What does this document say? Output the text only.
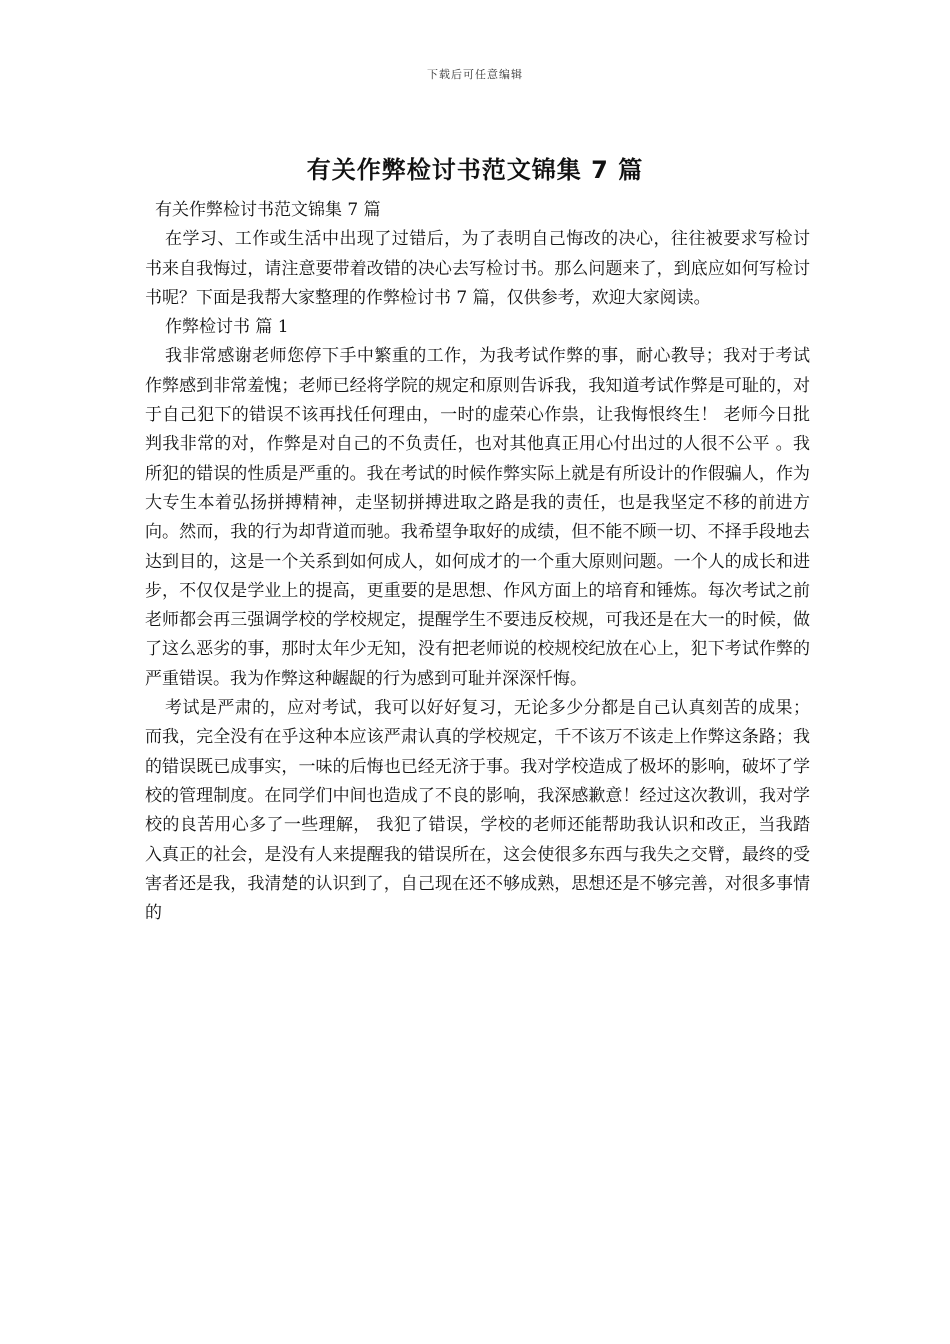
下载后可任意编辑
有关作弊检讨书范文锦集 7 篇

有关作弊检讨书范文锦集 7 篇

在学习、工作或生活中出现了过错后，为了表明自己悔改的决心，往往被要求写检讨书来自我悔过，请注意要带着改错的决心去写检讨书。那么问题来了，到底应如何写检讨书呢？下面是我帮大家整理的作弊检讨书 7 篇，仅供参考，欢迎大家阅读。

作弊检讨书 篇 1

我非常感谢老师您停下手中繁重的工作，为我考试作弊的事，耐心教导；我对于考试作弊感到非常羞愧；老师已经将学院的规定和原则告诉我，我知道考试作弊是可耻的，对于自己犯下的错误不该再找任何理由，一时的虚荣心作祟，让我悔恨终生！ 老师今日批判我非常的对，作弊是对自己的不负责任，也对其他真正用心付出过的人很不公平 。我所犯的错误的性质是严重的。我在考试的时候作弊实际上就是有所设计的作假骗人，作为大专生本着弘扬拼搏精神，走坚韧拼搏进取之路是我的责任，也是我坚定不移的前进方向。然而，我的行为却背道而驰。我希望争取好的成绩，但不能不顾一切、不择手段地去达到目的，这是一个关系到如何成人，如何成才的一个重大原则问题。一个人的成长和进步，不仅仅是学业上的提高，更重要的是思想、作风方面上的培育和锤炼。每次考试之前老师都会再三强调学校的学校规定，提醒学生不要违反校规，可我还是在大一的时候，做了这么恶劣的事，那时太年少无知，没有把老师说的校规校纪放在心上，犯下考试作弊的严重错误。我为作弊这种龌龊的行为感到可耻并深深忏悔。

考试是严肃的，应对考试，我可以好好复习，无论多少分都是自己认真刻苦的成果；而我，完全没有在乎这种本应该严肃认真的学校规定，千不该万不该走上作弊这条路；我的错误既已成事实，一味的后悔也已经无济于事。我对学校造成了极坏的影响，破坏了学校的管理制度。在同学们中间也造成了不良的影响，我深感歉意！经过这次教训，我对学校的良苦用心多了一些理解， 我犯了错误，学校的老师还能帮助我认识和改正，当我踏入真正的社会，是没有人来提醒我的错误所在，这会使很多东西与我失之交臂，最终的受害者还是我，我清楚的认识到了，自己现在还不够成熟，思想还是不够完善，对很多事情的
